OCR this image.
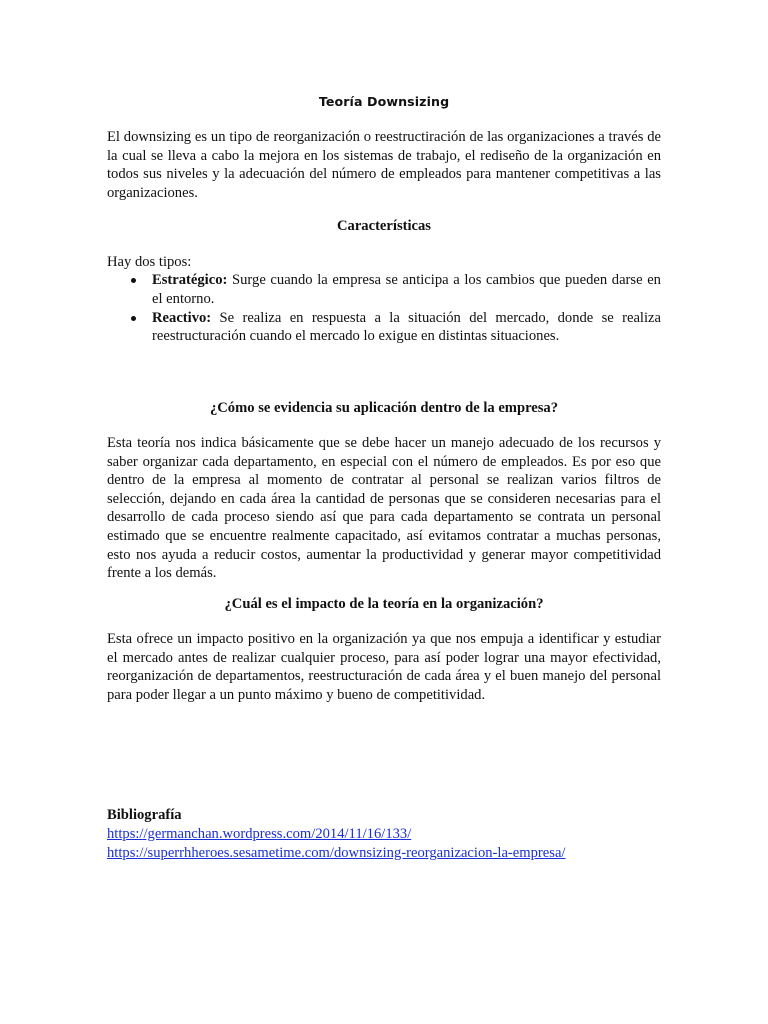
Teoría Downsizing

El downsizing es un tipo de reorganización o reestructiración de las organizaciones a través de la cual se lleva a cabo la mejora en los sistemas de trabajo, el rediseño de la organización en todos sus niveles y la adecuación del número de empleados para mantener competitivas a las organizaciones.

Características

Hay dos tipos:

Estratégico: Surge cuando la empresa se anticipa a los cambios que pueden darse en el entorno.
Reactivo: Se realiza en respuesta a la situación del mercado, donde se realiza reestructuración cuando el mercado lo exigue en distintas situaciones.

¿Cómo se evidencia su aplicación dentro de la empresa?

Esta teoría nos indica básicamente que se debe hacer un manejo adecuado de los recursos y saber organizar cada departamento, en especial con el número de empleados. Es por eso que dentro de la empresa al momento de contratar al personal se realizan varios filtros de selección, dejando en cada área la cantidad de personas que se consideren necesarias para el desarrollo de cada proceso siendo así que para cada departamento se contrata un personal estimado que se encuentre realmente capacitado, así evitamos contratar a muchas personas, esto nos ayuda a reducir costos, aumentar la productividad y generar mayor competitividad frente a los demás.

¿Cuál es el impacto de la teoría en la organización?

Esta ofrece un impacto positivo en la organización ya que nos empuja a identificar y estudiar el mercado antes de realizar cualquier proceso, para así poder lograr una mayor efectividad, reorganización de departamentos, reestructuración de cada área y el buen manejo del personal para poder llegar a un punto máximo y bueno de competitividad.

Bibliografía

https://germanchan.wordpress.com/2014/11/16/133/
https://superrhheroes.sesametime.com/downsizing-reorganizacion-la-empresa/
